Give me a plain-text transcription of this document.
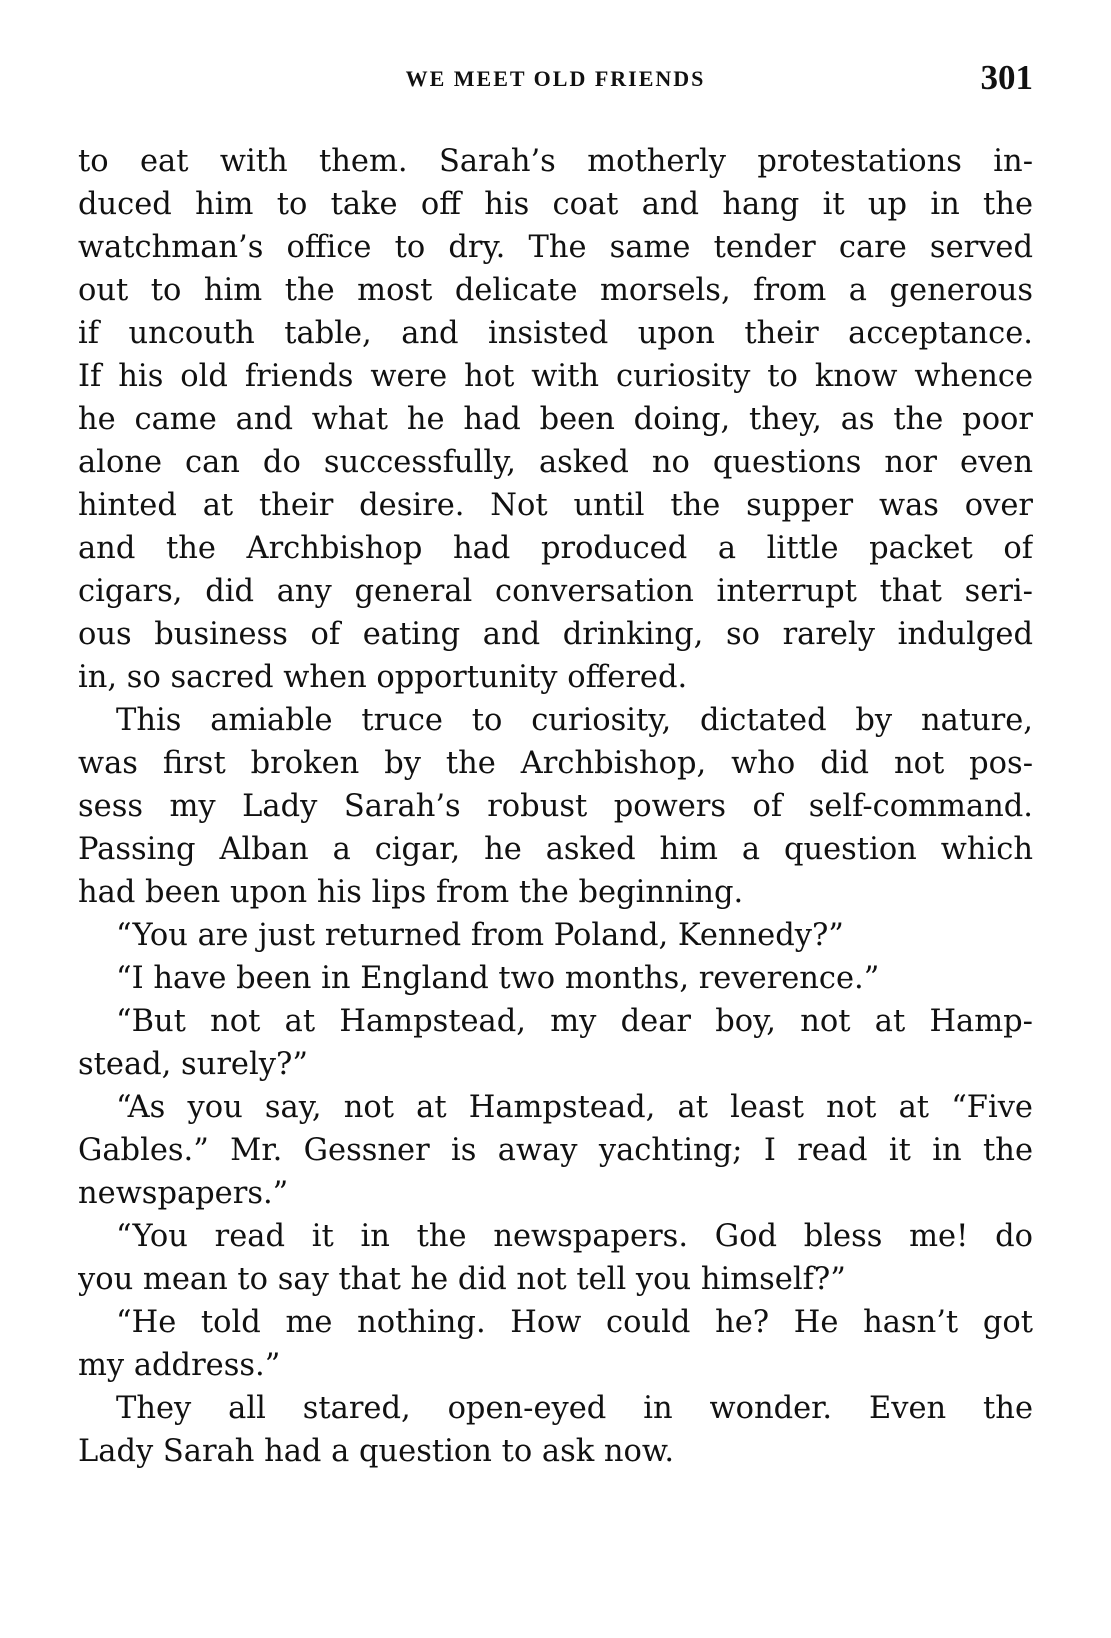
WE MEET OLD FRIENDS	301
to eat with them. Sarah’s motherly protestations in-
duced him to take off his coat and hang it up in the
watchman’s office to dry. The same tender care served
out to him the most delicate morsels, from a generous
if uncouth table, and insisted upon their acceptance.
If his old friends were hot with curiosity to know whence
he came and what he had been doing, they, as the poor
alone can do successfully, asked no questions nor even
hinted at their desire. Not until the supper was over
and the Archbishop had produced a little packet of
cigars, did any general conversation interrupt that seri-
ous business of eating and drinking, so rarely indulged
in, so sacred when opportunity offered.
This amiable truce to curiosity, dictated by nature,
was first broken by the Archbishop, who did not pos-
sess my Lady Sarah’s robust powers of self-command.
Passing Alban a cigar, he asked him a question which
had been upon his lips from the beginning.
“You are just returned from Poland, Kennedy?”
“I have been in England two months, reverence.”
“But not at Hampstead, my dear boy, not at Hamp-
stead, surely?”
“As you say, not at Hampstead, at least not at “Five
Gables.” Mr. Gessner is away yachting; I read it in the
newspapers.”
“You read it in the newspapers. God bless me! do
you mean to say that he did not tell you himself?”
“He told me nothing. How could he? He hasn’t got
my address.”
They all stared, open-eyed in wonder. Even the
Lady Sarah had a question to ask now.
